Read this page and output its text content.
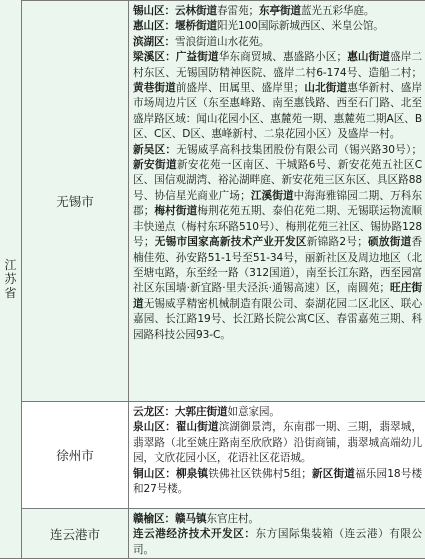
江
苏
省
无锡市

锡山区：云林街道春雷苑；东亭街道蓝光五彩华庭。

惠山区：堰桥街道阳光100国际新城西区、米皇公馆。

滨湖区：雪浪街道山水花苑。

梁溪区：广益街道华东商贸城、惠盛路小区；惠山街道盛岸二村东区、无锡国防精神医院、盛岸二村6-174号、造船二村；黄巷街道前盛岸、田属里、盛岸里；山北街道惠华新村、盛岸市场周边片区（东至惠峰路、南至惠钱路、西至石门路、北至盛岸路区域：闻山花园小区、惠麓苑一期、惠麓苑二期A区、B区、C区、D区、惠峰新村、二泉花园小区）及盛岸一村。

新吴区：无锡威孚高科技集团股份有限公司（锡兴路30号）；新安街道新安花苑一区南区、干城路6号、新安花苑五社区C区、国信观湖湾、裕沁湖畔庭、新安花苑三区东区、具区路88号、协信星光商业广场；江溪街道中海海雅锦园二期、万科东郡；梅村街道梅荆花苑五期、泰伯花苑二期、无锡联运物流顺丰快递点（梅村东环路510号）、梅荆花苑三社区、锡协路128号；无锡市国家高新技术产业开发区新锦路2号；硕放街道香楠佳苑、孙安路51-1号至51-34号，丽新社区及周边地区（北至塘屯路，东至经一路（312国道），南至长江东路，西至园富社区东国墙·新宜路·里夫泾浜·通锡高速）区，南圆苑；旺庄街道无锡威孚精密机械制造有限公司、泰湖花园二区北区、联心嘉园、长江路19号、长江路长院公寓C区、春雷嘉苑三期、科园路科技公园93-C。

徐州市

云龙区：大郭庄街道如意家园。

泉山区：翟山街道滨湖御景湾，东南郡一期、三期，翡翠城，翡翠路（北至姚庄路南至欣欣路）沿街商铺，翡翠城高端幼儿园，文欣花园小区，花语社区花语城。

铜山区：柳泉镇铁佛社区铁佛村5组；新区街道福乐园18号楼和27号楼。

连云港市

赣榆区：赣马镇东官庄村。

连云港经济技术开发区：东方国际集装箱（连云港）有限公司。
